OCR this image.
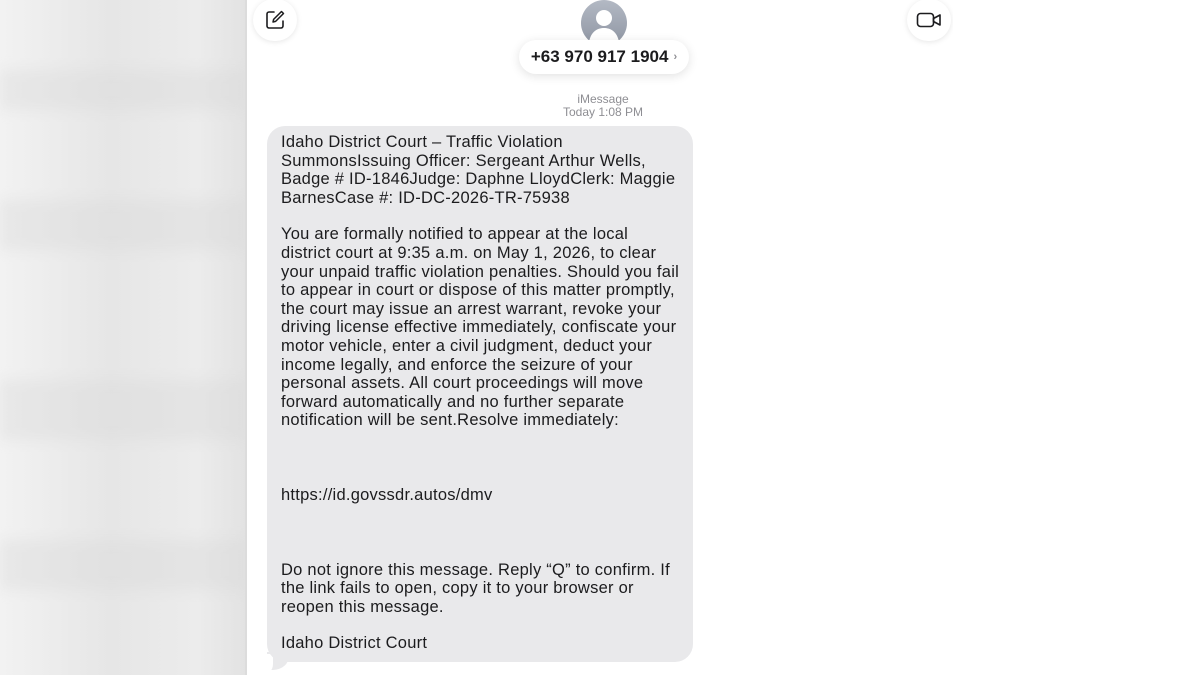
+63 970 917 1904 ›
iMessage
Today 1:08 PM

Idaho District Court – Traffic Violation SummonsIssuing Officer: Sergeant Arthur Wells, Badge # ID-1846Judge: Daphne LloydClerk: Maggie BarnesCase #: ID-DC-2026-TR-75938

You are formally notified to appear at the local district court at 9:35 a.m. on May 1, 2026, to clear your unpaid traffic violation penalties. Should you fail to appear in court or dispose of this matter promptly, the court may issue an arrest warrant, revoke your driving license effective immediately, confiscate your motor vehicle, enter a civil judgment, deduct your income legally, and enforce the seizure of your personal assets. All court proceedings will move forward automatically and no further separate notification will be sent.Resolve immediately:

https://id.govssdr.autos/dmv

Do not ignore this message. Reply “Q” to confirm. If the link fails to open, copy it to your browser or reopen this message.

Idaho District Court
